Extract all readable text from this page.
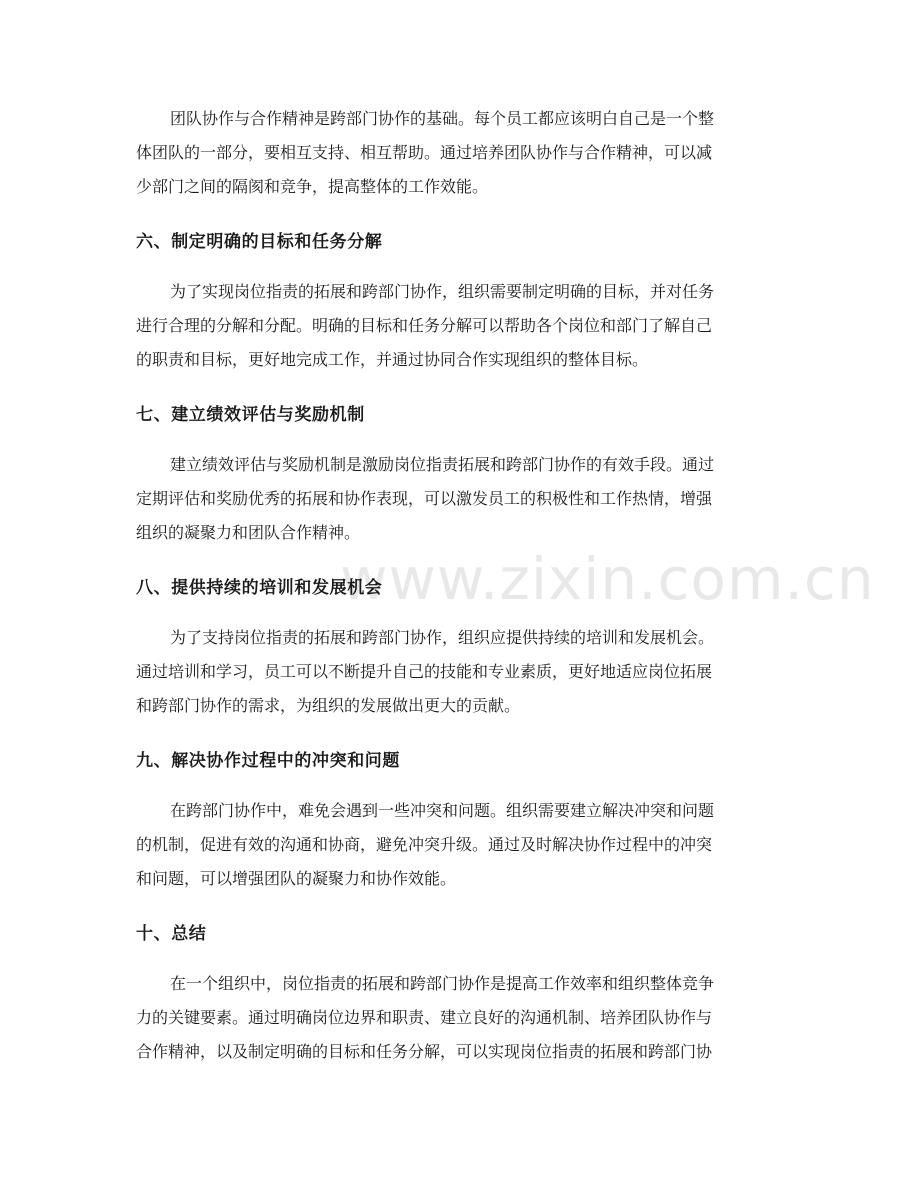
www.zixin.com.cn

团队协作与合作精神是跨部门协作的基础。每个员工都应该明白自己是一个整
体团队的一部分，要相互支持、相互帮助。通过培养团队协作与合作精神，可以减
少部门之间的隔阂和竞争，提高整体的工作效能。

六、制定明确的目标和任务分解

为了实现岗位指责的拓展和跨部门协作，组织需要制定明确的目标，并对任务
进行合理的分解和分配。明确的目标和任务分解可以帮助各个岗位和部门了解自己
的职责和目标，更好地完成工作，并通过协同合作实现组织的整体目标。

七、建立绩效评估与奖励机制

建立绩效评估与奖励机制是激励岗位指责拓展和跨部门协作的有效手段。通过
定期评估和奖励优秀的拓展和协作表现，可以激发员工的积极性和工作热情，增强
组织的凝聚力和团队合作精神。

八、提供持续的培训和发展机会

为了支持岗位指责的拓展和跨部门协作，组织应提供持续的培训和发展机会。
通过培训和学习，员工可以不断提升自己的技能和专业素质，更好地适应岗位拓展
和跨部门协作的需求，为组织的发展做出更大的贡献。

九、解决协作过程中的冲突和问题

在跨部门协作中，难免会遇到一些冲突和问题。组织需要建立解决冲突和问题
的机制，促进有效的沟通和协商，避免冲突升级。通过及时解决协作过程中的冲突
和问题，可以增强团队的凝聚力和协作效能。

十、总结

在一个组织中，岗位指责的拓展和跨部门协作是提高工作效率和组织整体竞争
力的关键要素。通过明确岗位边界和职责、建立良好的沟通机制、培养团队协作与
合作精神，以及制定明确的目标和任务分解，可以实现岗位指责的拓展和跨部门协
